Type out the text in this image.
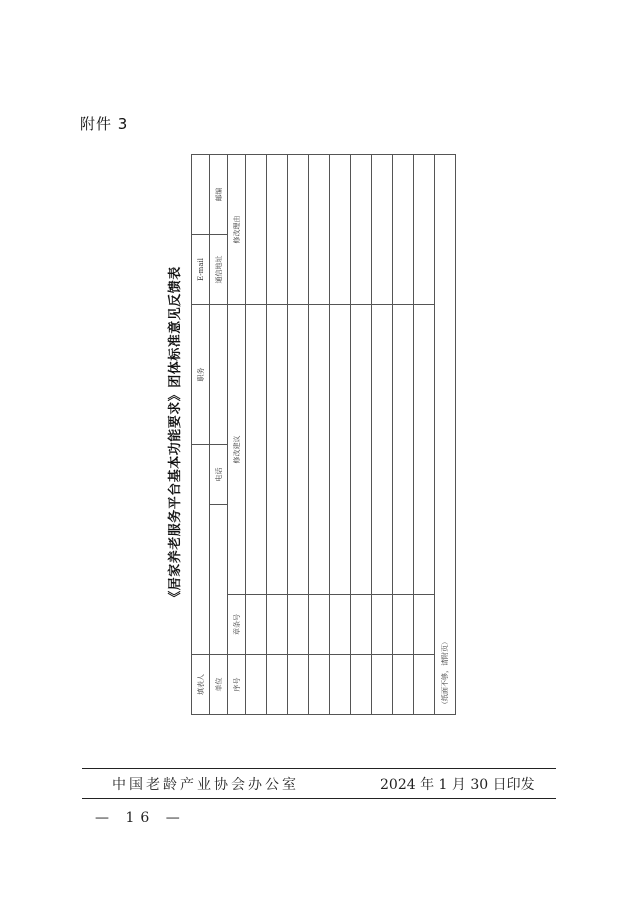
附件 3
《居家养老服务平台基本功能要求》团体标准意见反馈表
填表人				职务	E-mail	
单位			电话		通信地址	邮编
序号	章条号	修改建议			修改理由	

（纸面不够，请附页）						
中国老龄产业协会办公室	2024 年 1 月 30 日印发
— 16 —
